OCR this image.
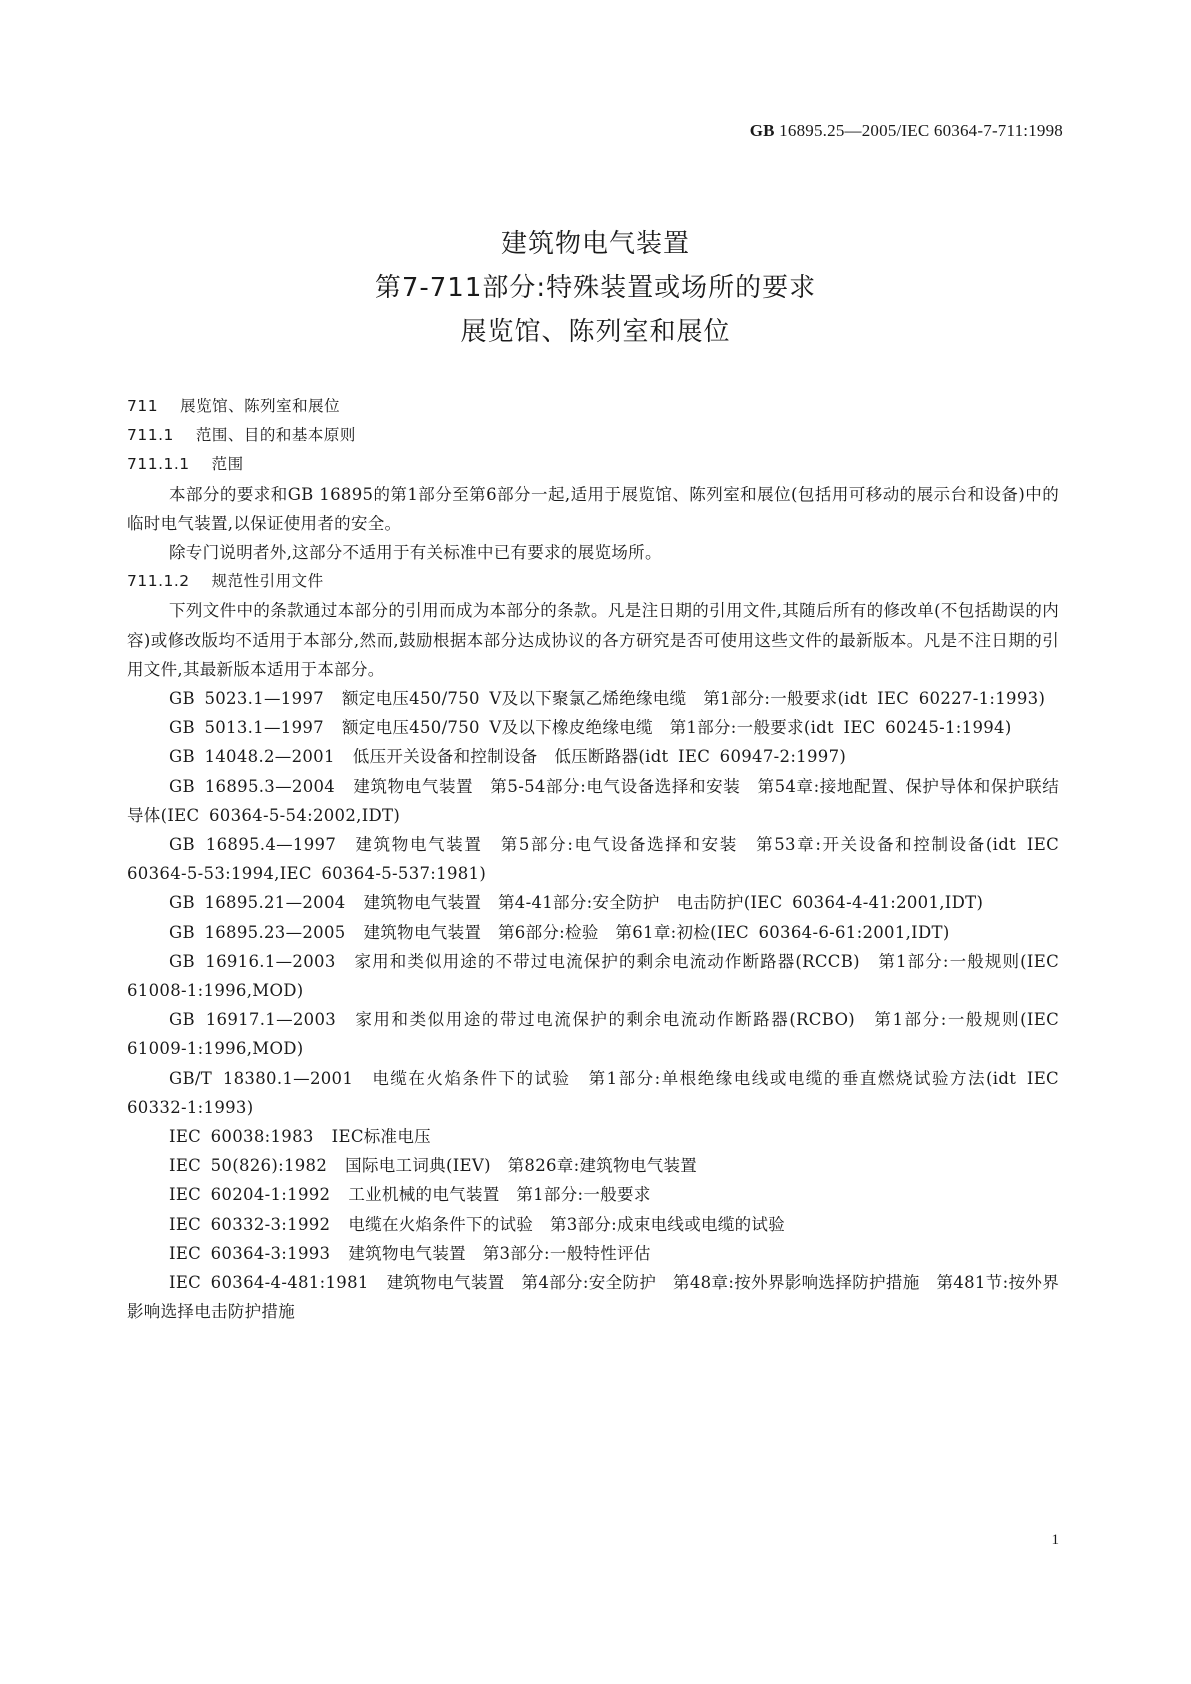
GB 16895.25—2005/IEC 60364-7-711:1998
建筑物电气装置
第7-711部分:特殊装置或场所的要求
展览馆、陈列室和展位
711 展览馆、陈列室和展位
711.1 范围、目的和基本原则
711.1.1 范围
本部分的要求和GB 16895的第1部分至第6部分一起,适用于展览馆、陈列室和展位(包括用可移动的展示台和设备)中的临时电气装置,以保证使用者的安全。
除专门说明者外,这部分不适用于有关标准中已有要求的展览场所。
711.1.2 规范性引用文件
下列文件中的条款通过本部分的引用而成为本部分的条款。凡是注日期的引用文件,其随后所有的修改单(不包括勘误的内容)或修改版均不适用于本部分,然而,鼓励根据本部分达成协议的各方研究是否可使用这些文件的最新版本。凡是不注日期的引用文件,其最新版本适用于本部分。
GB 5023.1—1997 额定电压450/750 V及以下聚氯乙烯绝缘电缆　第1部分:一般要求(idt IEC 60227-1:1993)
GB 5013.1—1997 额定电压450/750 V及以下橡皮绝缘电缆　第1部分:一般要求(idt IEC 60245-1:1994)
GB 14048.2—2001 低压开关设备和控制设备　低压断路器(idt IEC 60947-2:1997)
GB 16895.3—2004 建筑物电气装置　第5-54部分:电气设备选择和安装　第54章:接地配置、保护导体和保护联结导体(IEC 60364-5-54:2002,IDT)
GB 16895.4—1997 建筑物电气装置　第5部分:电气设备选择和安装　第53章:开关设备和控制设备(idt IEC 60364-5-53:1994,IEC 60364-5-537:1981)
GB 16895.21—2004 建筑物电气装置　第4-41部分:安全防护　电击防护(IEC 60364-4-41:2001,IDT)
GB 16895.23—2005 建筑物电气装置　第6部分:检验　第61章:初检(IEC 60364-6-61:2001,IDT)
GB 16916.1—2003 家用和类似用途的不带过电流保护的剩余电流动作断路器(RCCB)　第1部分:一般规则(IEC 61008-1:1996,MOD)
GB 16917.1—2003 家用和类似用途的带过电流保护的剩余电流动作断路器(RCBO)　第1部分:一般规则(IEC 61009-1:1996,MOD)
GB/T 18380.1—2001 电缆在火焰条件下的试验　第1部分:单根绝缘电线或电缆的垂直燃烧试验方法(idt IEC 60332-1:1993)
IEC 60038:1983 IEC标准电压
IEC 50(826):1982 国际电工词典(IEV)　第826章:建筑物电气装置
IEC 60204-1:1992 工业机械的电气装置　第1部分:一般要求
IEC 60332-3:1992 电缆在火焰条件下的试验　第3部分:成束电线或电缆的试验
IEC 60364-3:1993 建筑物电气装置　第3部分:一般特性评估
IEC 60364-4-481:1981 建筑物电气装置　第4部分:安全防护　第48章:按外界影响选择防护措施　第481节:按外界影响选择电击防护措施
1
